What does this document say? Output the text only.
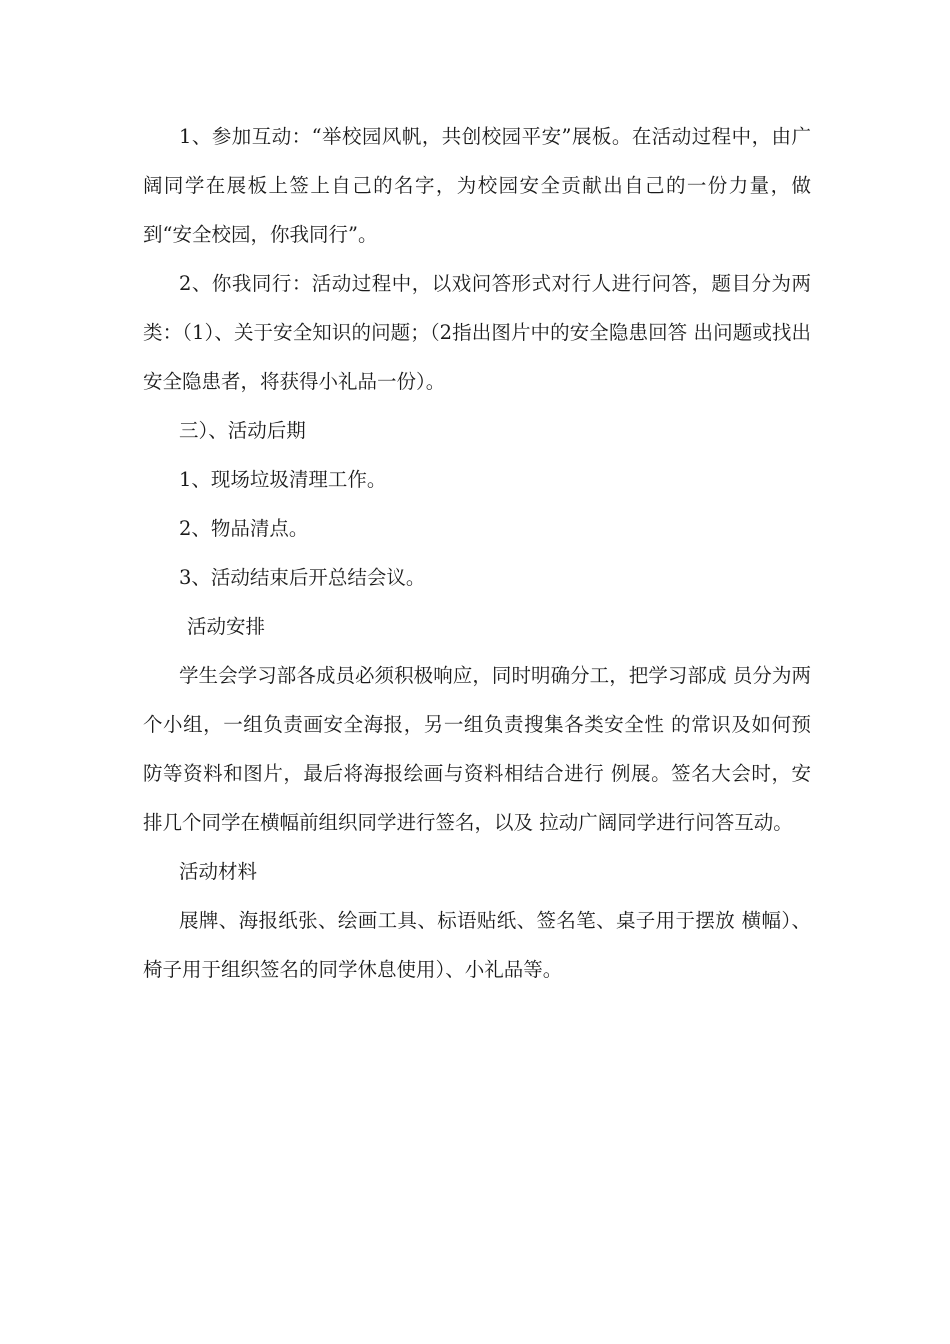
1、参加互动：“举校园风帆，共创校园平安”展板。在活动过程中，由广阔同学在展板上签上自己的名字，为校园安全贡献出自己的一份力量，做到“安全校园，你我同行”。

2、你我同行：活动过程中，以戏问答形式对行人进行问答，题目分为两类：（1）、关于安全知识的问题；（2指出图片中的安全隐患回答 出问题或找出安全隐患者，将获得小礼品一份）。

三）、活动后期

1、现场垃圾清理工作。

2、物品清点。

3、活动结束后开总结会议。

活动安排

学生会学习部各成员必须积极响应，同时明确分工，把学习部成 员分为两个小组，一组负责画安全海报，另一组负责搜集各类安全性 的常识及如何预防等资料和图片，最后将海报绘画与资料相结合进行 例展。签名大会时，安排几个同学在横幅前组织同学进行签名，以及 拉动广阔同学进行问答互动。

活动材料

展牌、海报纸张、绘画工具、标语贴纸、签名笔、桌子用于摆放 横幅）、椅子用于组织签名的同学休息使用）、小礼品等。
